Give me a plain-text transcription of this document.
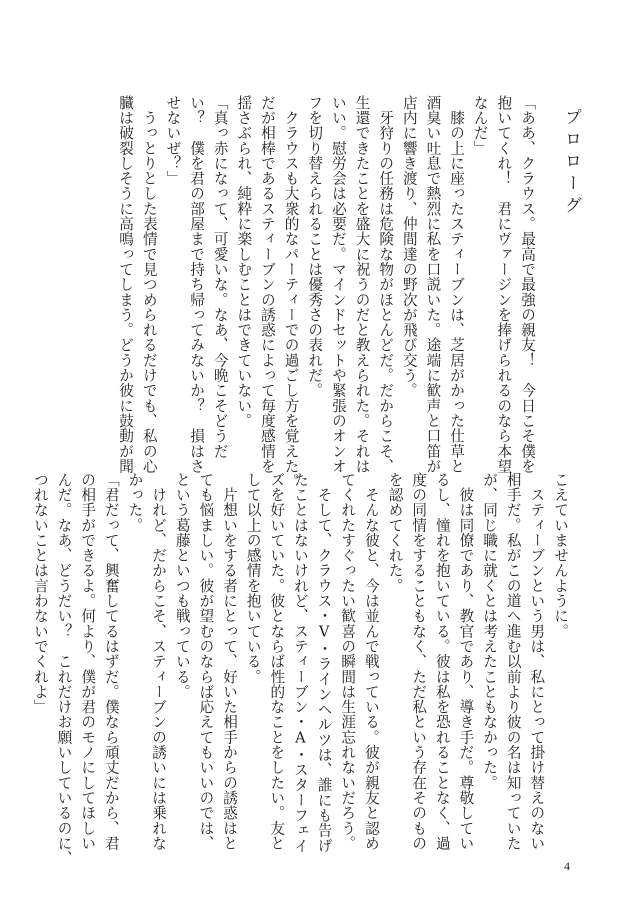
プロローグ
「ああ、クラウス。最高で最強の親友！　今日こそ僕を
抱いてくれ！　君にヴァージンを捧げられるのなら本望
なんだ」
　膝の上に座ったスティーブンは、芝居がかった仕草と
酒臭い吐息で熱烈に私を口説いた。途端に歓声と口笛が
店内に響き渡り、仲間達の野次が飛び交う。
　牙狩りの任務は危険な物がほとんどだ。だからこそ、
生還できたことを盛大に祝うのだと教えられた。それは
いい。慰労会は必要だ。マインドセットや緊張のオンオ
フを切り替えられることは優秀さの表れだ。
　クラウスも大衆的なパーティーでの過ごし方を覚えた。
だが相棒であるスティーブンの誘惑によって毎度感情を
揺さぶられ、純粋に楽しむことはできていない。
「真っ赤になって、可愛いな。なあ、今晩こそどうだ
い？　僕を君の部屋まで持ち帰ってみないか？　損はさ
せないぜ？」
　うっとりとした表情で見つめられるだけでも、私の心
臓は破裂しそうに高鳴ってしまう。どうか彼に鼓動が聞
こえていませんように。
　スティーブンという男は、私にとって掛け替えのない
相手だ。私がこの道へ進む以前より彼の名は知っていた
が、同じ職に就くとは考えたこともなかった。
　彼は同僚であり、教官であり、導き手だ。尊敬してい
るし、憧れを抱いている。彼は私を恐れることなく、過
度の同情をすることもなく、ただ私という存在そのもの
を認めてくれた。
　そんな彼と、今は並んで戦っている。彼が親友と認め
てくれたすぐったい歓喜の瞬間は生涯忘れないだろう。
　そして、クラウス・V・ラインヘルツは、誰にも告げ
たことはないけれど、スティーブン・A・スターフェイ
ズを好いていた。彼とならば性的なことをしたい。友と
して以上の感情を抱いている。
　片想いをする者にとって、好いた相手からの誘惑はと
ても悩ましい。彼が望むのならば応えてもいいのでは、
という葛藤といつも戦っている。
　けれど、だからこそ、スティーブンの誘いには乗れな
かった。
「君だって、興奮してるはずだ。僕なら頑丈だから、君
の相手ができるよ。何より、僕が君のモノにしてほしい
んだ。なあ、どうだい？　これだけお願いしているのに、
つれないことは言わないでくれよ」
4
